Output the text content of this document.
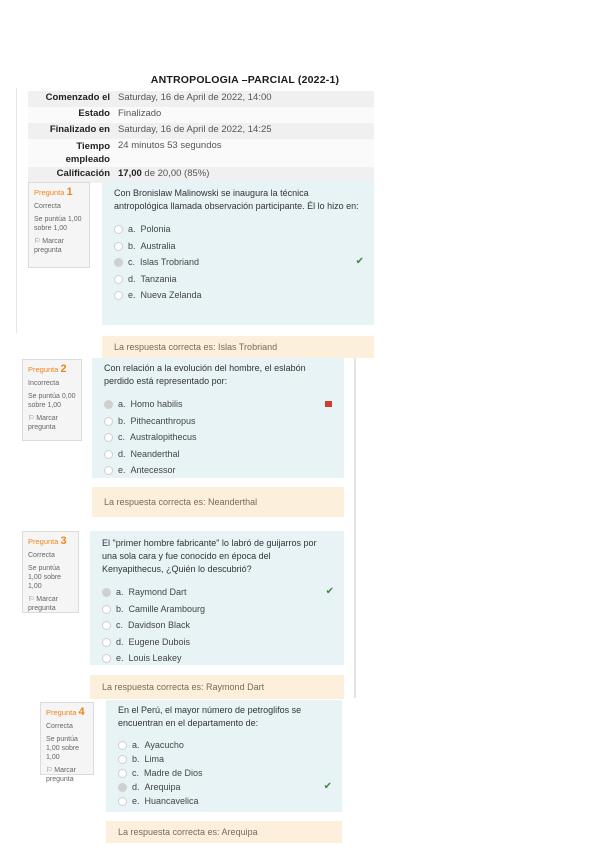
ANTROPOLOGIA –PARCIAL (2022-1)
Comenzado el	Saturday, 16 de April de 2022, 14:00
Estado	Finalizado
Finalizado en	Saturday, 16 de April de 2022, 14:25
Tiempo empleado	24 minutos 53 segundos
Calificación	17,00 de 20,00 (85%)
Pregunta 1
Correcta
Se puntúa 1,00 sobre 1,00
⚐ Marcar pregunta
Con Bronislaw Malinowski se inaugura la técnica antropológica llamada observación participante. Él lo hizo en:
a. Polonia
b. Australia
c. Islas Trobriand	✔
d. Tanzania
e. Nueva Zelanda
La respuesta correcta es: Islas Trobriand
Pregunta 2
Incorrecta
Se puntúa 0,00 sobre 1,00
⚐ Marcar pregunta
Con relación a la evolución del hombre, el eslabón perdido está representado por:
a. Homo habilis
b. Pithecanthropus
c. Australopithecus
d. Neanderthal
e. Antecessor
La respuesta correcta es: Neanderthal
Pregunta 3
Correcta
Se puntúa 1,00 sobre 1,00
⚐ Marcar pregunta
El "primer hombre fabricante" lo labró de guijarros por una sola cara y fue conocido en época del Kenyapithecus, ¿Quién lo descubrió?
a. Raymond Dart	✔
b. Camille Arambourg
c. Davidson Black
d. Eugene Dubois
e. Louis Leakey
La respuesta correcta es: Raymond Dart
Pregunta 4
Correcta
Se puntúa 1,00 sobre 1,00
⚐ Marcar pregunta
En el Perú, el mayor número de petroglifos se encuentran en el departamento de:
a. Ayacucho
b. Lima
c. Madre de Dios
d. Arequipa	✔
e. Huancavelica
La respuesta correcta es: Arequipa
